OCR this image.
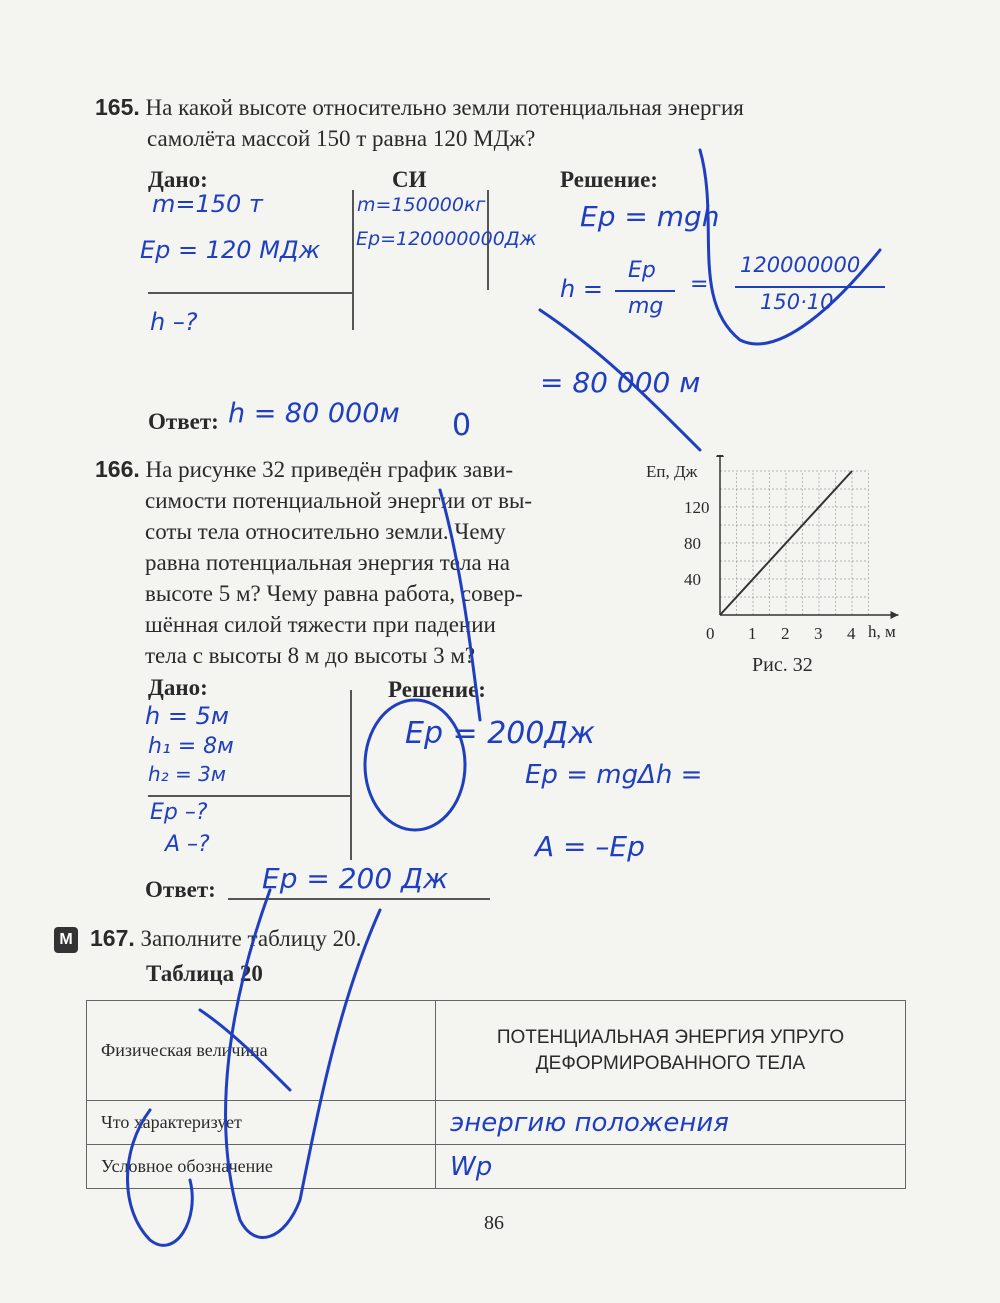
165. На какой высоте относительно земли потенциальная энергия
самолёта массой 150 т равна 120 МДж?
Дано:	СИ	Решение:
m=150 т
Ep = 120 МДж
h –?
m=150000кг
Ep=120000000Дж
Ep = mgh
h =
Ep
mg
=
120000000
150·10
= 80 000 м
Ответ: h = 80 000м 0
166. На рисунке 32 приведён график зави-
симости потенциальной энергии от вы-
соты тела относительно земли. Чему
равна потенциальная энергия тела на
высоте 5 м? Чему равна работа, совер-
шённая силой тяжести при падении
тела с высоты 8 м до высоты 3 м?
0 1 2 3 4
40
80
120
Eп, Дж
h, м
Рис. 32
Дано:	Решение:
h = 5м
h₁ = 8м
h₂ = 3м
Ep –?
A –?
Ep = 200Дж
Ep = mgΔh =
A = –Ep
Ответ: Ep = 200 Дж
М 167. Заполните таблицу 20.
Таблица 20
Физическая величина	ПОТЕНЦИАЛЬНАЯ ЭНЕРГИЯ УПРУГО ДЕФОРМИРОВАННОГО ТЕЛА
Что характеризует	энергию положения
Условное обозначение	Wp
86
